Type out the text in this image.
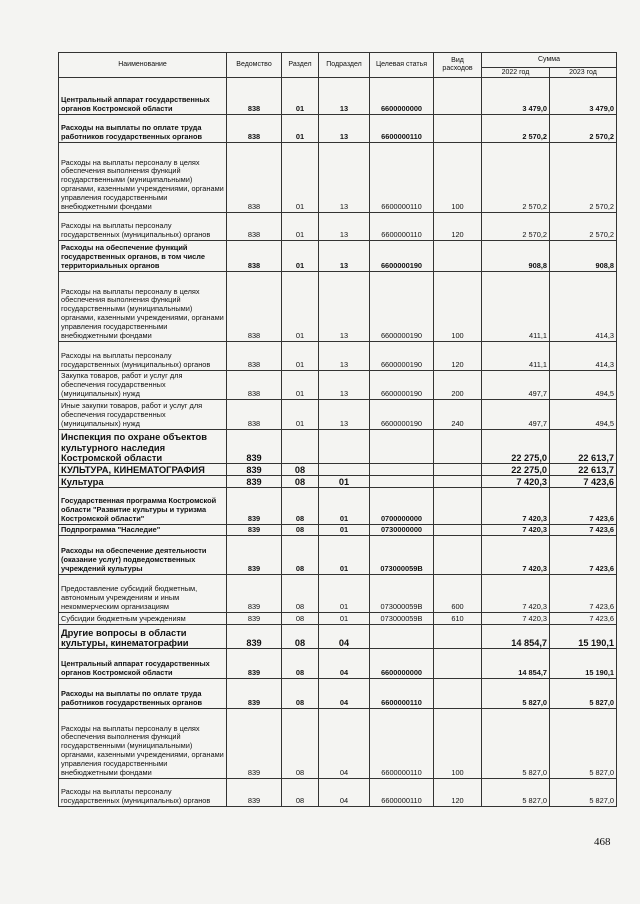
Наименование	Ведомство	Раздел	Подраздел	Целевая статья	Вид расходов	Сумма	
						2022 год	2023 год
Центральный аппарат государственных органов Костромской области	838	01	13	6600000000		3 479,0	3 479,0
Расходы на выплаты по оплате труда работников государственных органов	838	01	13	6600000110		2 570,2	2 570,2
Расходы на выплаты персоналу в целях обеспечения выполнения функций государственными (муниципальными) органами, казенными учреждениями, органами управления государственными внебюджетными фондами	838	01	13	6600000110	100	2 570,2	2 570,2
Расходы на выплаты персоналу государственных (муниципальных) органов	838	01	13	6600000110	120	2 570,2	2 570,2
Расходы на обеспечение функций государственных органов, в том числе территориальных органов	838	01	13	6600000190		908,8	908,8
Расходы на выплаты персоналу в целях обеспечения выполнения функций государственными (муниципальными) органами, казенными учреждениями, органами управления государственными внебюджетными фондами	838	01	13	6600000190	100	411,1	414,3
Расходы на выплаты персоналу государственных (муниципальных) органов	838	01	13	6600000190	120	411,1	414,3
Закупка товаров, работ и услуг для обеспечения государственных (муниципальных) нужд	838	01	13	6600000190	200	497,7	494,5
Иные закупки товаров, работ и услуг для обеспечения государственных (муниципальных) нужд	838	01	13	6600000190	240	497,7	494,5
Инспекция по охране объектов культурного наследия Костромской области	839					22 275,0	22 613,7
КУЛЬТУРА, КИНЕМАТОГРАФИЯ	839	08				22 275,0	22 613,7
Культура	839	08	01			7 420,3	7 423,6
Государственная программа Костромской области "Развитие культуры и туризма Костромской области"	839	08	01	0700000000		7 420,3	7 423,6
Подпрограмма "Наследие"	839	08	01	0730000000		7 420,3	7 423,6
Расходы на обеспечение деятельности (оказание услуг) подведомственных учреждений культуры	839	08	01	073000059В		7 420,3	7 423,6
Предоставление субсидий бюджетным, автономным учреждениям и иным некоммерческим организациям	839	08	01	073000059В	600	7 420,3	7 423,6
Субсидии бюджетным учреждениям	839	08	01	073000059В	610	7 420,3	7 423,6
Другие вопросы в области культуры, кинематографии	839	08	04			14 854,7	15 190,1
Центральный аппарат государственных органов Костромской области	839	08	04	6600000000		14 854,7	15 190,1
Расходы на выплаты по оплате труда работников государственных органов	839	08	04	6600000110		5 827,0	5 827,0
Расходы на выплаты персоналу в целях обеспечения выполнения функций государственными (муниципальными) органами, казенными учреждениями, органами управления государственными внебюджетными фондами	839	08	04	6600000110	100	5 827,0	5 827,0
Расходы на выплаты персоналу государственных (муниципальных) органов	839	08	04	6600000110	120	5 827,0	5 827,0
468
